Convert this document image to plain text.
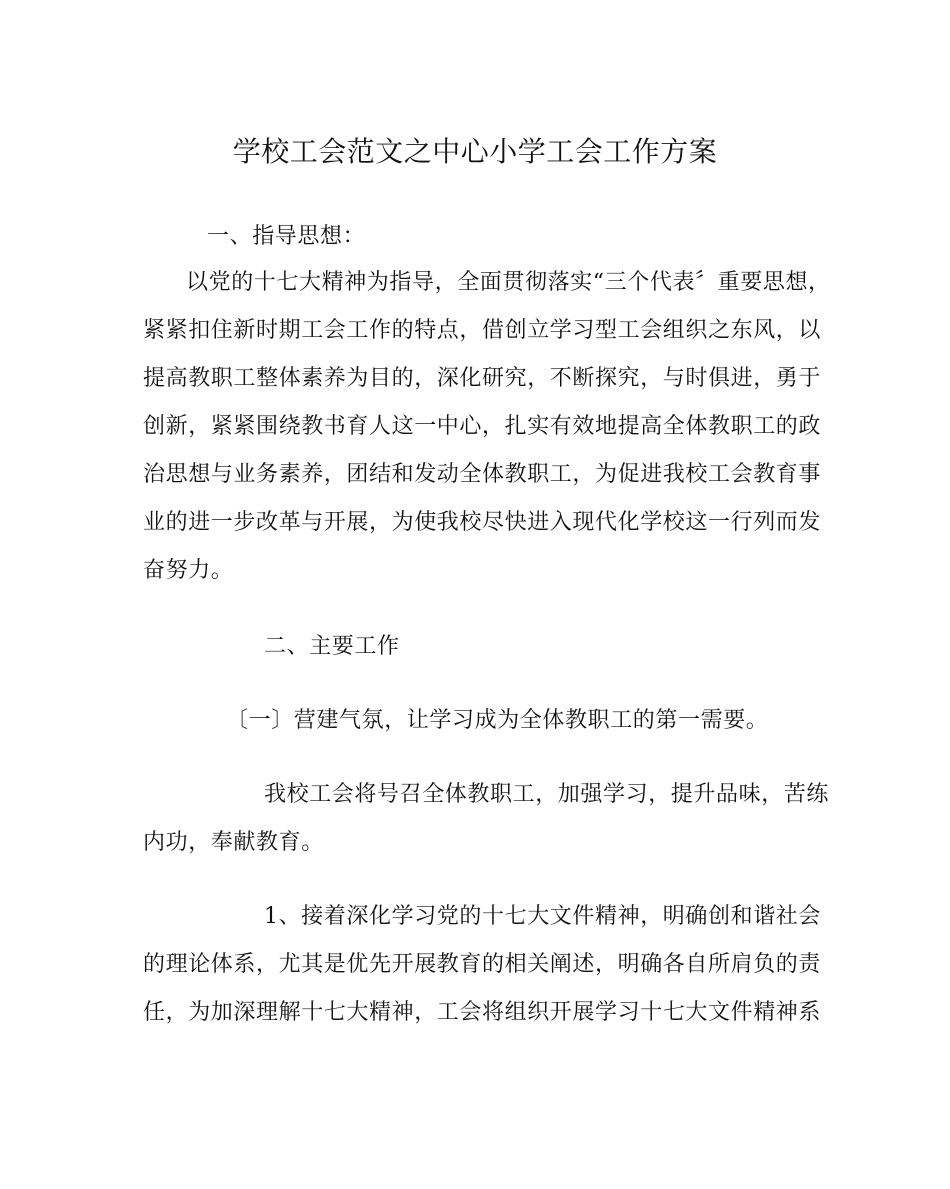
学校工会范文之中心小学工会工作方案
一、指导思想：
以党的十七大精神为指导，全面贯彻落实“三个代表〞重要思想，
紧紧扣住新时期工会工作的特点，借创立学习型工会组织之东风，以
提高教职工整体素养为目的，深化研究，不断探究，与时俱进，勇于
创新，紧紧围绕教书育人这一中心，扎实有效地提高全体教职工的政
治思想与业务素养，团结和发动全体教职工，为促进我校工会教育事
业的进一步改革与开展，为使我校尽快进入现代化学校这一行列而发
奋努力。
二、主要工作
〔一〕营建气氛，让学习成为全体教职工的第一需要。
我校工会将号召全体教职工，加强学习，提升品味，苦练
内功，奉献教育。
1、接着深化学习党的十七大文件精神，明确创和谐社会
的理论体系，尤其是优先开展教育的相关阐述，明确各自所肩负的责
任，为加深理解十七大精神，工会将组织开展学习十七大文件精神系
